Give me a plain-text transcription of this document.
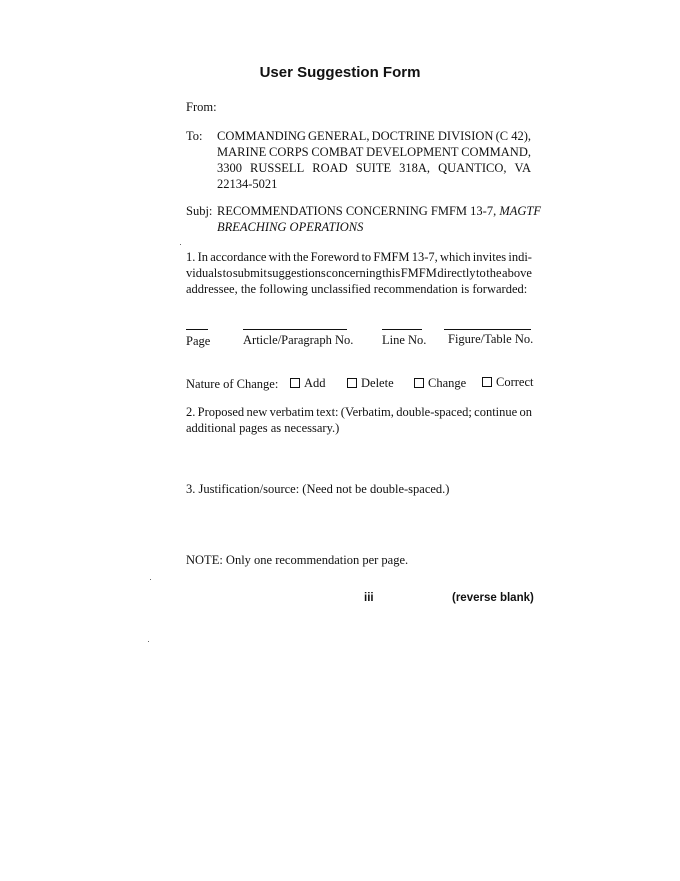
User Suggestion Form
From:
To: COMMANDING GENERAL, DOCTRINE DIVISION (C 42),
MARINE CORPS COMBAT DEVELOPMENT COMMAND,
3300 RUSSELL ROAD SUITE 318A, QUANTICO, VA
22134-5021
Subj: RECOMMENDATIONS CONCERNING FMFM 13-7, MAGTF
BREACHING OPERATIONS
1. In accordance with the Foreword to FMFM 13-7, which invites indi-
viduals to submit suggestions concerning this FMFM directly to the above
addressee, the following unclassified recommendation is forwarded:
Page	Article/Paragraph No. Line No. Figure/Table No.
Nature of Change:	Add	Delete	Change	Correct
2. Proposed new verbatim text: (Verbatim, double-spaced; continue on
additional pages as necessary.)
3. Justification/source: (Need not be double-spaced.)
NOTE: Only one recommendation per page.
iii	(reverse blank)
